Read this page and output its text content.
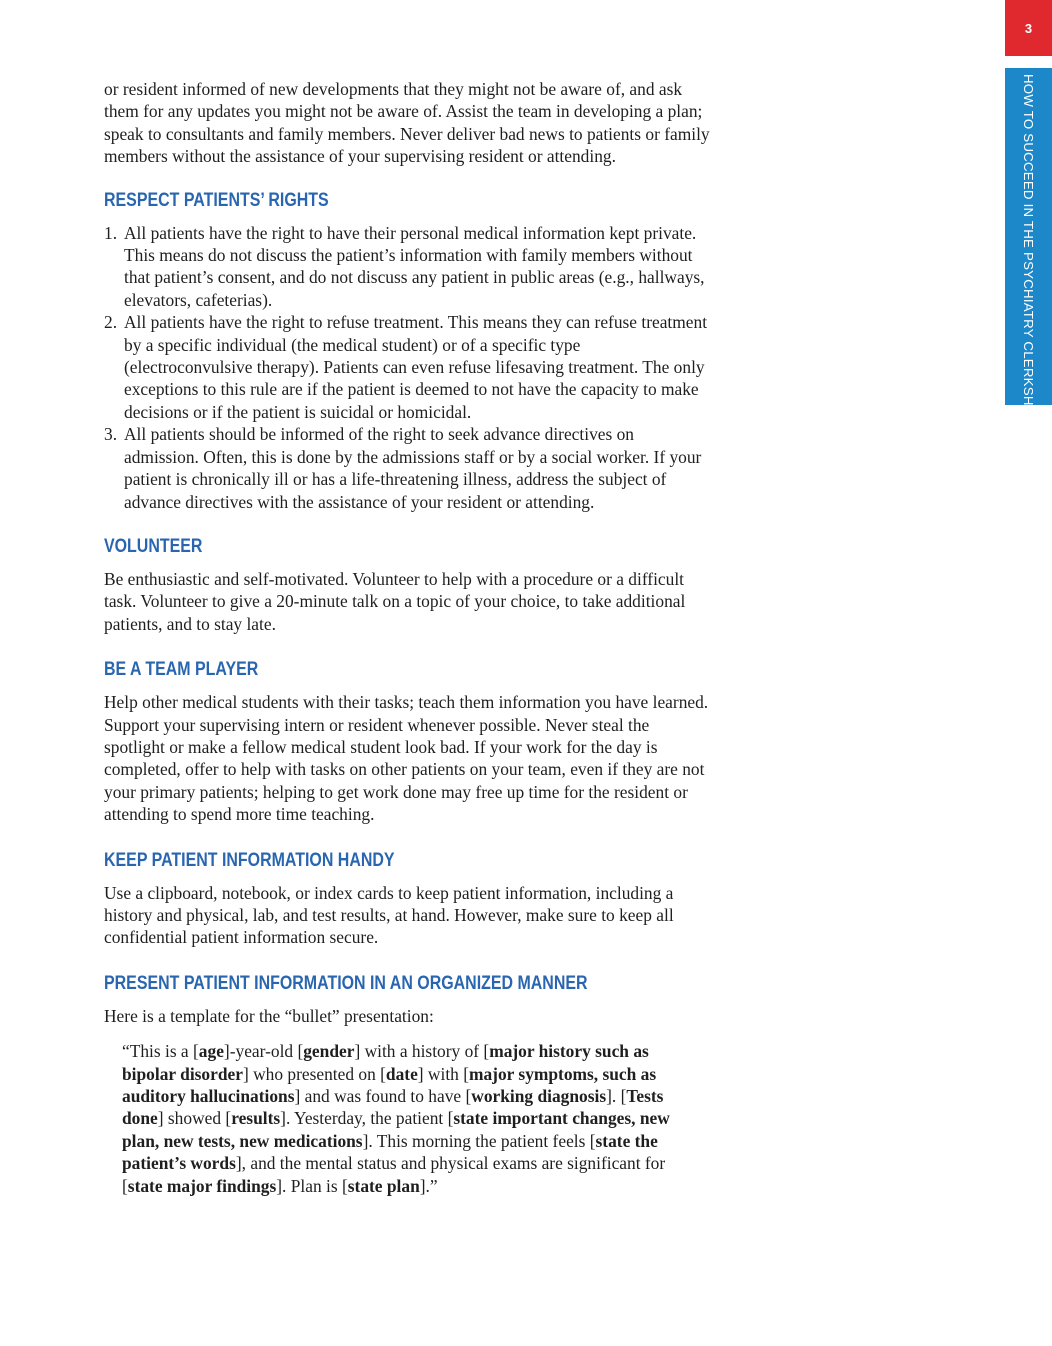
3
HOW TO SUCCEED IN THE PSYCHIATRY CLERKSHIP

or resident informed of new developments that they might not be aware of, and ask them for any updates you might not be aware of. Assist the team in developing a plan; speak to consultants and family members. Never deliver bad news to patients or family members without the assistance of your supervising resident or attending.

RESPECT PATIENTS’ RIGHTS
1. All patients have the right to have their personal medical information kept private. This means do not discuss the patient’s information with family members without that patient’s consent, and do not discuss any patient in public areas (e.g., hallways, elevators, cafeterias).
2. All patients have the right to refuse treatment. This means they can refuse treatment by a specific individual (the medical student) or of a specific type (electroconvulsive therapy). Patients can even refuse lifesaving treatment. The only exceptions to this rule are if the patient is deemed to not have the capacity to make decisions or if the patient is suicidal or homicidal.
3. All patients should be informed of the right to seek advance directives on admission. Often, this is done by the admissions staff or by a social worker. If your patient is chronically ill or has a life-threatening illness, address the subject of advance directives with the assistance of your resident or attending.
VOLUNTEER

Be enthusiastic and self-motivated. Volunteer to help with a procedure or a difficult task. Volunteer to give a 20-minute talk on a topic of your choice, to take additional patients, and to stay late.

BE A TEAM PLAYER

Help other medical students with their tasks; teach them information you have learned. Support your supervising intern or resident whenever possible. Never steal the spotlight or make a fellow medical student look bad. If your work for the day is completed, offer to help with tasks on other patients on your team, even if they are not your primary patients; helping to get work done may free up time for the resident or attending to spend more time teaching.

KEEP PATIENT INFORMATION HANDY

Use a clipboard, notebook, or index cards to keep patient information, including a history and physical, lab, and test results, at hand. However, make sure to keep all confidential patient information secure.

PRESENT PATIENT INFORMATION IN AN ORGANIZED MANNER

Here is a template for the “bullet” presentation:

“This is a [age]-year-old [gender] with a history of [major history such as bipolar disorder] who presented on [date] with [major symptoms, such as auditory hallucinations] and was found to have [working diagnosis]. [Tests done] showed [results]. Yesterday, the patient [state important changes, new plan, new tests, new medications]. This morning the patient feels [state the patient’s words], and the mental status and physical exams are significant for [state major findings]. Plan is [state plan].”
